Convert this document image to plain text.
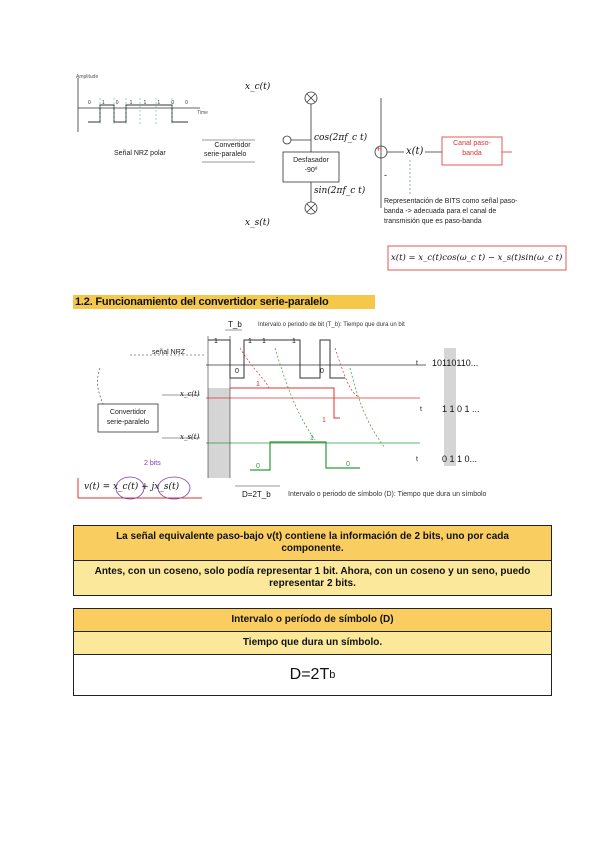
Amplitude
Time
0 1 0 1 1 1 0 0
Señal NRZ polar
Convertidor
serie-paralelo
x_c(t)
x_s(t)
cos(2πf_c t)
sin(2πf_c t)
Desfasador
-90º
+
-
x(t)
Canal paso-
banda
Representación de BITS como señal paso-
banda -> adecuada para el canal de
transmisión que es paso-banda
x(t) = x_c(t)cos(ω_c t) − x_s(t)sin(ω_c t)
1.2. Funcionamiento del convertidor serie-paralelo
T_b	Intervalo o periodo de bit (T_b): Tiempo que dura un bit
señal NRZ
x_c(t)
x_s(t)
Convertidor
serie-paralelo
1	1 1	1
0
1
0
1
0
1
0
t 10110110...
t 1 1 0 1 ...
t	0 1 1 0...
2 bits
v(t) = x_c(t) + jx_s(t)
D=2T_b Intervalo o periodo de símbolo (D): Tiempo que dura un símbolo
La señal equivalente paso-bajo v(t) contiene la información de 2 bits, uno por cada componente.
Antes, con un coseno, solo podía representar 1 bit. Ahora, con un coseno y un seno, puedo representar 2 bits.
Intervalo o período de símbolo (D)
Tiempo que dura un símbolo.
D=2T b
